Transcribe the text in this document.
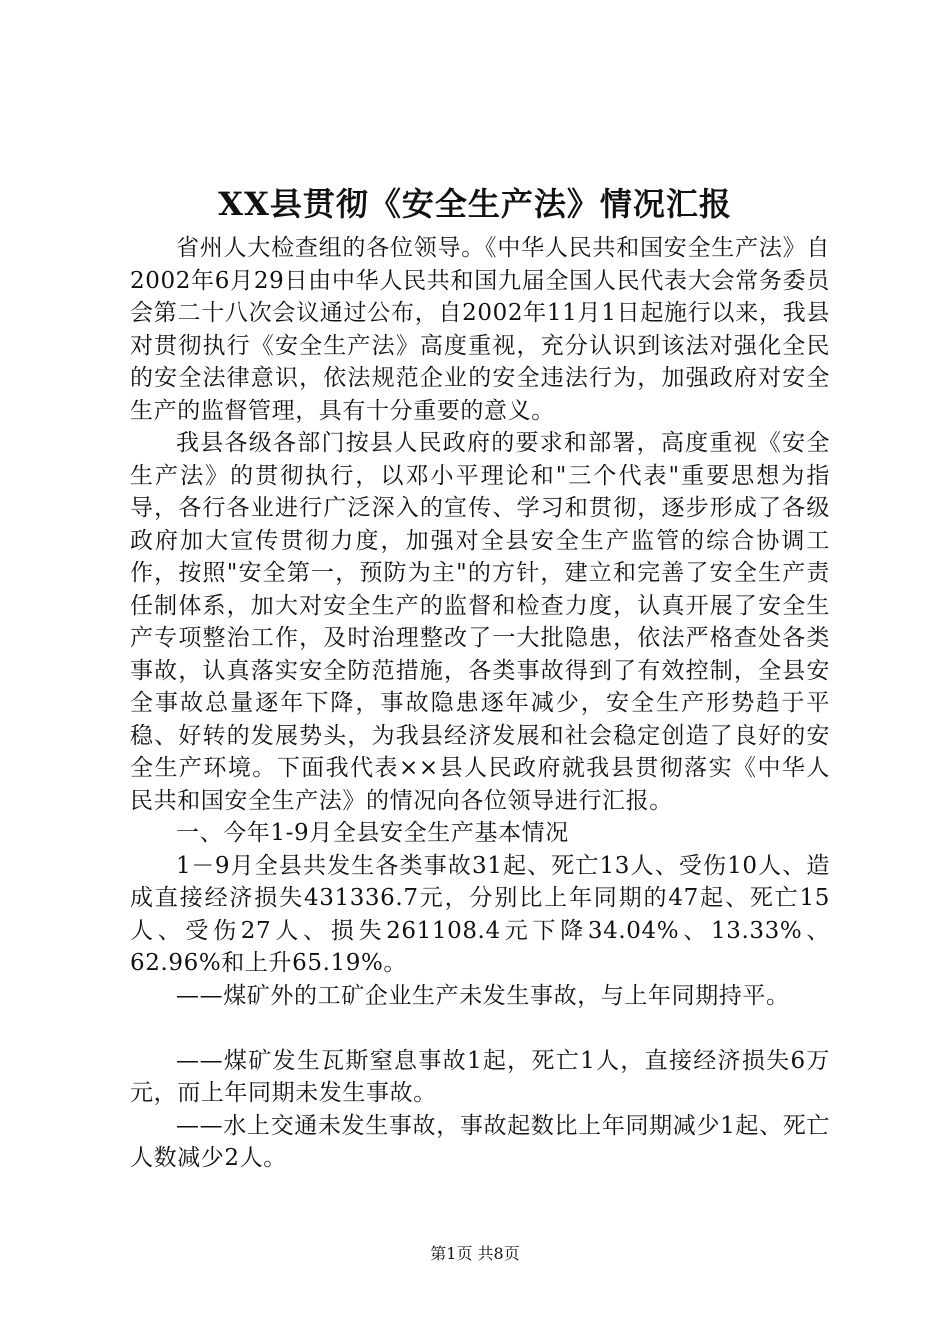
XX县贯彻《安全生产法》情况汇报

省州人大检查组的各位领导。《中华人民共和国安全生产法》自2002年6月29日由中华人民共和国九届全国人民代表大会常务委员会第二十八次会议通过公布，自2002年11月1日起施行以来，我县对贯彻执行《安全生产法》高度重视，充分认识到该法对强化全民的安全法律意识，依法规范企业的安全违法行为，加强政府对安全生产的监督管理，具有十分重要的意义。

我县各级各部门按县人民政府的要求和部署，高度重视《安全生产法》的贯彻执行，以邓小平理论和"三个代表"重要思想为指导，各行各业进行广泛深入的宣传、学习和贯彻，逐步形成了各级政府加大宣传贯彻力度，加强对全县安全生产监管的综合协调工作，按照"安全第一，预防为主"的方针，建立和完善了安全生产责任制体系，加大对安全生产的监督和检查力度，认真开展了安全生产专项整治工作，及时治理整改了一大批隐患，依法严格查处各类事故，认真落实安全防范措施，各类事故得到了有效控制，全县安全事故总量逐年下降，事故隐患逐年减少，安全生产形势趋于平稳、好转的发展势头，为我县经济发展和社会稳定创造了良好的安全生产环境。下面我代表××县人民政府就我县贯彻落实《中华人民共和国安全生产法》的情况向各位领导进行汇报。

一、今年1-9月全县安全生产基本情况

1－9月全县共发生各类事故31起、死亡13人、受伤10人、造成直接经济损失431336.7元，分别比上年同期的47起、死亡15人、受伤27人、损失261108.4元下降34.04%、13.33%、62.96%和上升65.19%。

——煤矿外的工矿企业生产未发生事故，与上年同期持平。

——煤矿发生瓦斯窒息事故1起，死亡1人，直接经济损失6万元，而上年同期未发生事故。

——水上交通未发生事故，事故起数比上年同期减少1起、死亡人数减少2人。

第1页 共8页
